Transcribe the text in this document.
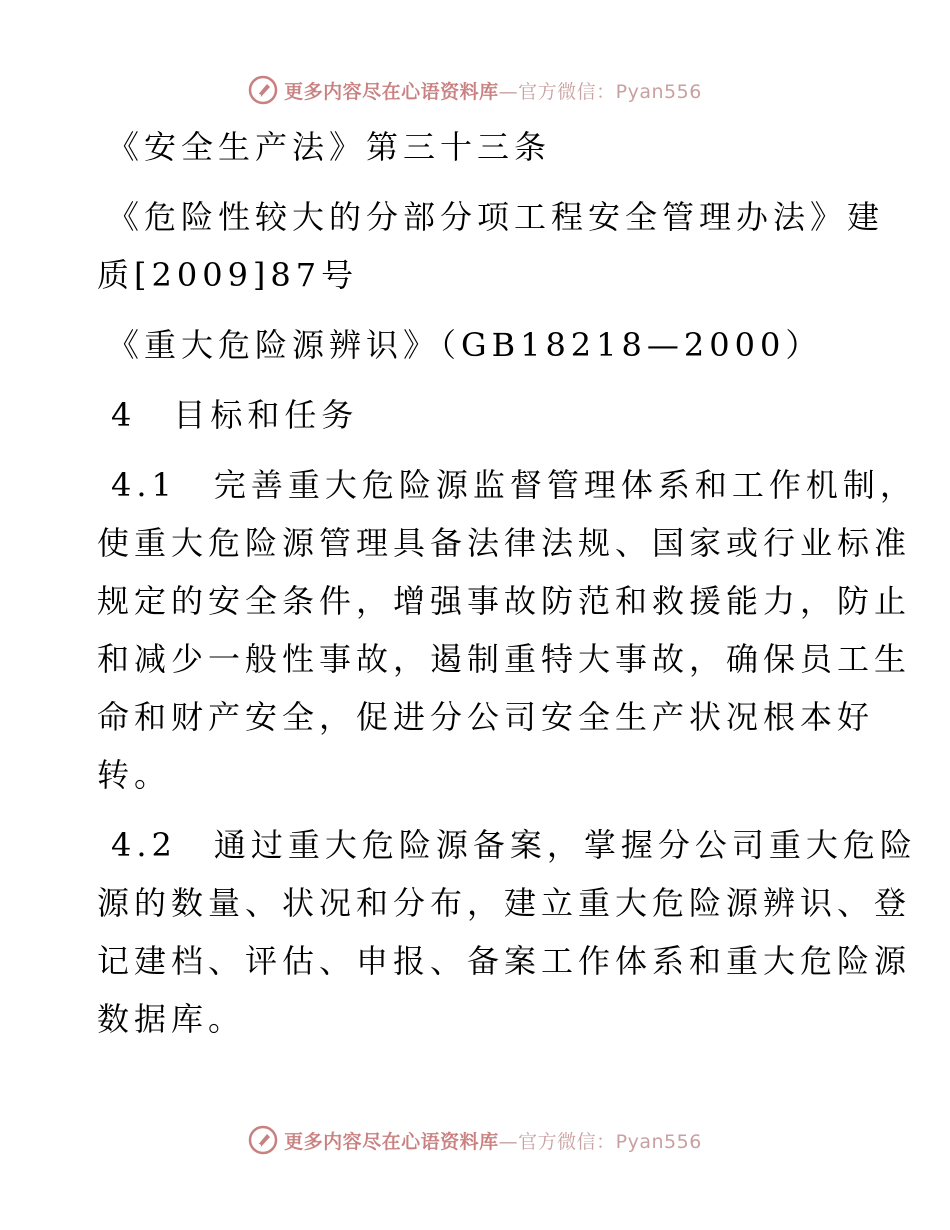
更多内容尽在心语资料库—官方微信：Pyan556

《安全生产法》第三十三条

《危险性较大的分部分项工程安全管理办法》建

质[2009]87号

《重大危险源辨识》（GB18218—2000）

4　目标和任务

4.1　完善重大危险源监督管理体系和工作机制，

使重大危险源管理具备法律法规、国家或行业标准

规定的安全条件，增强事故防范和救援能力，防止

和减少一般性事故，遏制重特大事故，确保员工生

命和财产安全，促进分公司安全生产状况根本好

转。

4.2　通过重大危险源备案，掌握分公司重大危险

源的数量、状况和分布，建立重大危险源辨识、登

记建档、评估、申报、备案工作体系和重大危险源

数据库。

更多内容尽在心语资料库—官方微信：Pyan556
